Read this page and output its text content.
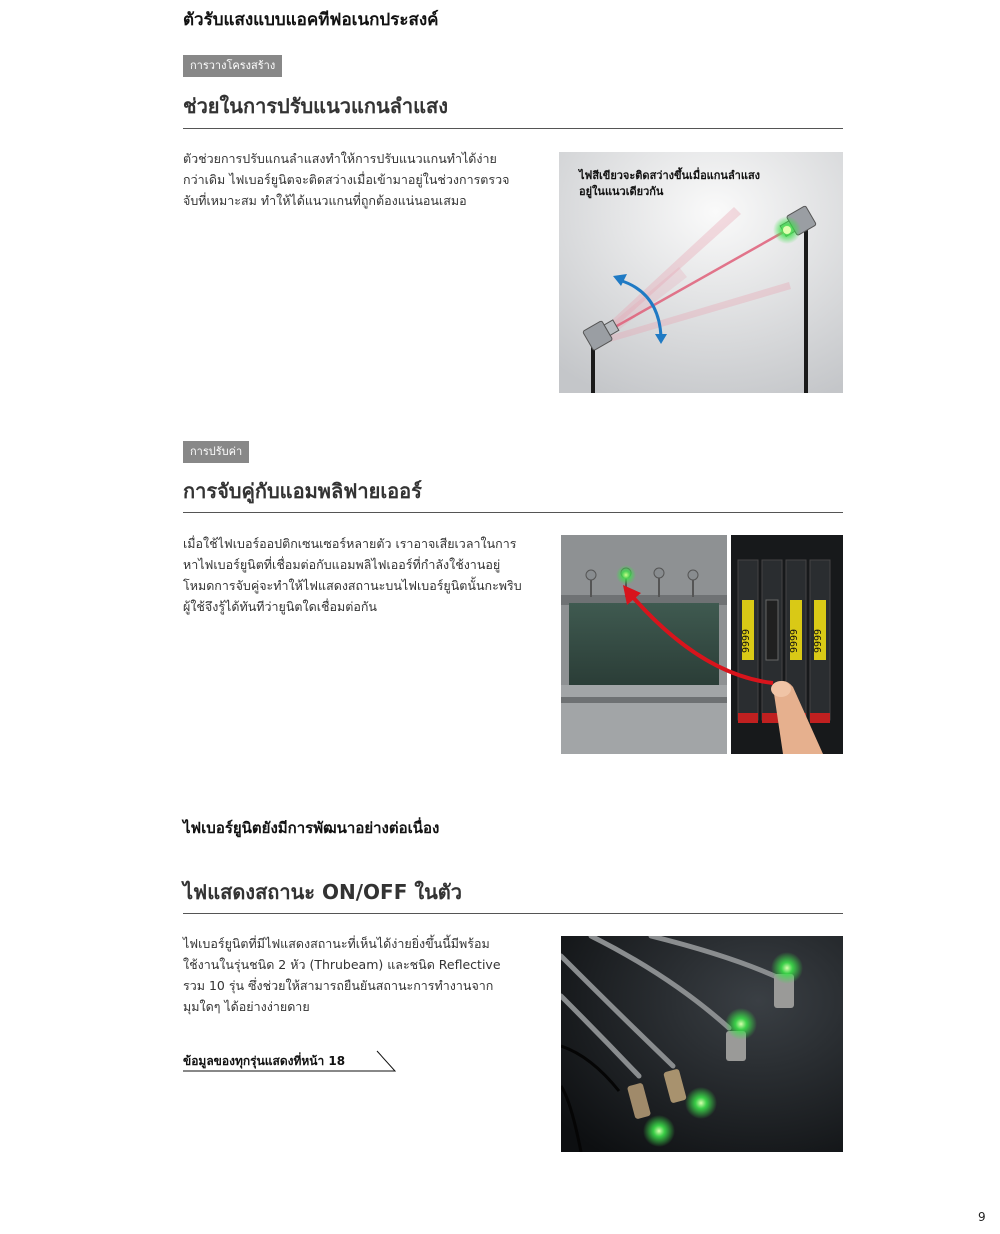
ตัวรับแสงแบบแอคทีฟอเนกประสงค์
การวางโครงสร้าง
ช่วยในการปรับแนวแกนลำแสง
ตัวช่วยการปรับแกนลำแสงทำให้การปรับแนวแกนทำได้ง่ายกว่าเดิม ไฟเบอร์ยูนิตจะติดสว่างเมื่อเข้ามาอยู่ในช่วงการตรวจจับที่เหมาะสม ทำให้ได้แนวแกนที่ถูกต้องแน่นอนเสมอ
ไฟสีเขียวจะติดสว่างขึ้นเมื่อแกนลำแสง
อยู่ในแนวเดียวกัน
การปรับค่า
การจับคู่กับแอมพลิฟายเออร์
เมื่อใช้ไฟเบอร์ออปติกเซนเซอร์หลายตัว เราอาจเสียเวลาในการหาไฟเบอร์ยูนิตที่เชื่อมต่อกับแอมพลิไฟเออร์ที่กำลังใช้งานอยู่ โหมดการจับคู่จะทำให้ไฟแสดงสถานะบนไฟเบอร์ยูนิตนั้นกะพริบ ผู้ใช้จึงรู้ได้ทันทีว่ายูนิตใดเชื่อมต่อกัน
9999	9999 9999
ไฟเบอร์ยูนิตยังมีการพัฒนาอย่างต่อเนื่อง
ไฟแสดงสถานะ ON/OFF ในตัว
ไฟเบอร์ยูนิตที่มีไฟแสดงสถานะที่เห็นได้ง่ายยิ่งขึ้นนี้มีพร้อมใช้งานในรุ่นชนิด 2 หัว (Thrubeam) และชนิด Reflective รวม 10 รุ่น ซึ่งช่วยให้สามารถยืนยันสถานะการทำงานจากมุมใดๆ ได้อย่างง่ายดาย
ข้อมูลของทุกรุ่นแสดงที่หน้า 18
9
